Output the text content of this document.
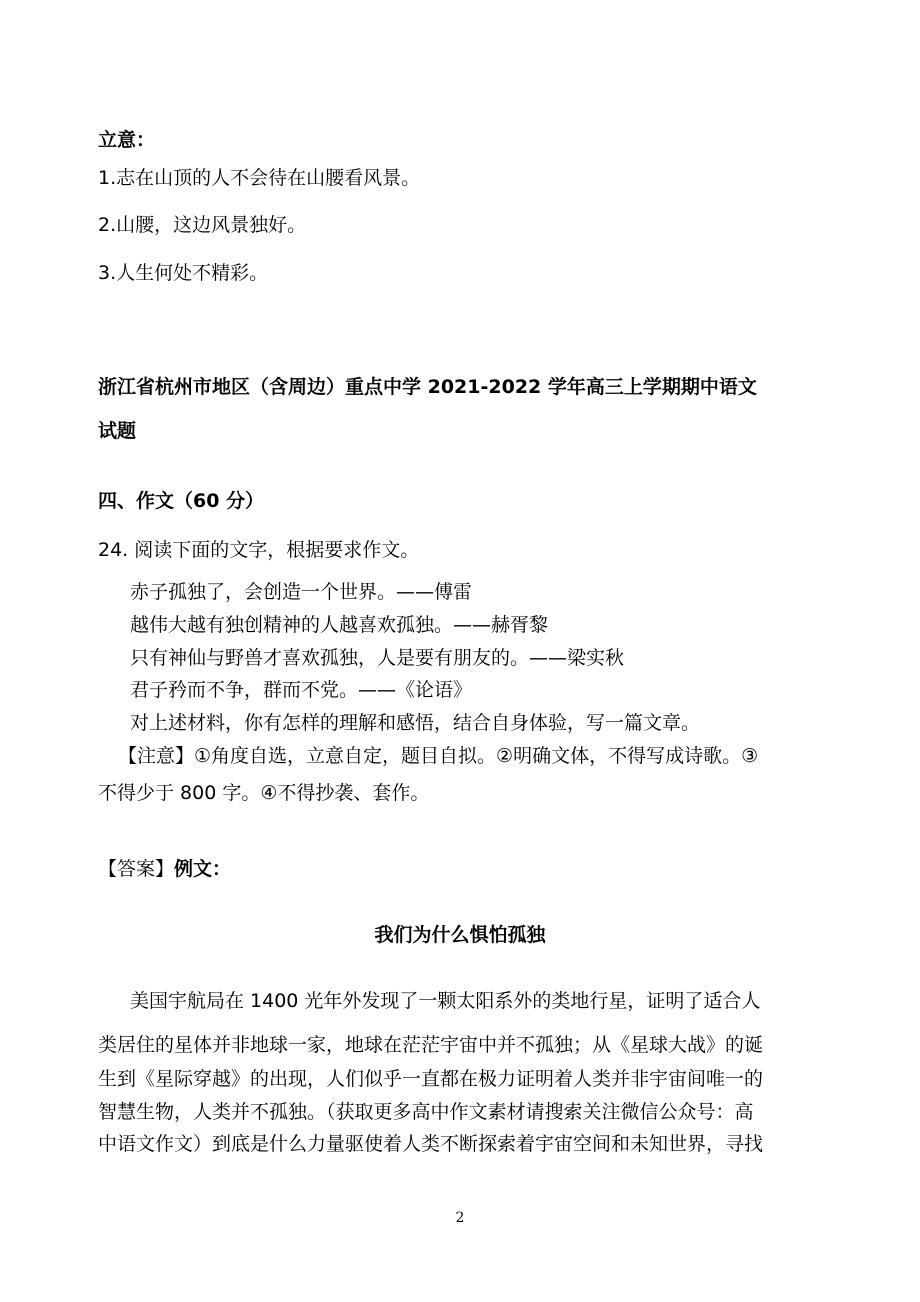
立意：
1.志在山顶的人不会待在山腰看风景。
2.山腰，这边风景独好。
3.人生何处不精彩。
浙江省杭州市地区（含周边）重点中学 2021-2022 学年高三上学期期中语文
试题
四、作文（60 分）
24. 阅读下面的文字，根据要求作文。
赤子孤独了，会创造一个世界。——傅雷
越伟大越有独创精神的人越喜欢孤独。——赫胥黎
只有神仙与野兽才喜欢孤独，人是要有朋友的。——梁实秋
君子矜而不争，群而不党。——《论语》
对上述材料，你有怎样的理解和感悟，结合自身体验，写一篇文章。
【注意】①角度自选，立意自定，题目自拟。②明确文体，不得写成诗歌。③
不得少于 800 字。④不得抄袭、套作。
【答案】例文：
我们为什么惧怕孤独
美国宇航局在 1400 光年外发现了一颗太阳系外的类地行星，证明了适合人
类居住的星体并非地球一家，地球在茫茫宇宙中并不孤独；从《星球大战》的诞
生到《星际穿越》的出现，人们似乎一直都在极力证明着人类并非宇宙间唯一的
智慧生物，人类并不孤独。（获取更多高中作文素材请搜索关注微信公众号：高
中语文作文）到底是什么力量驱使着人类不断探索着宇宙空间和未知世界，寻找
2
